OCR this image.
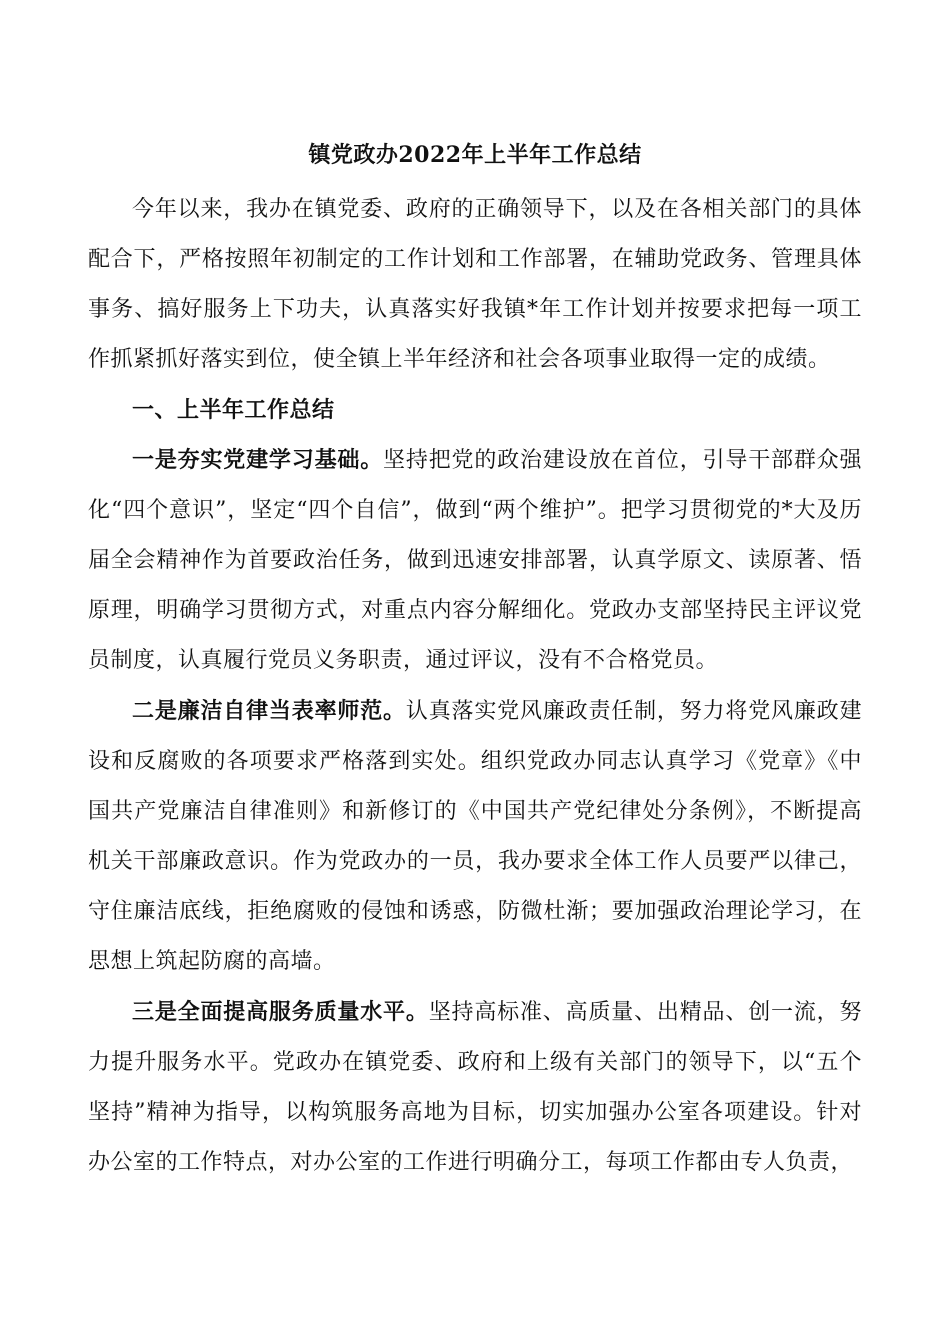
镇党政办2022年上半年工作总结

今年以来，我办在镇党委、政府的正确领导下，以及在各相关部门的具体配合下，严格按照年初制定的工作计划和工作部署，在辅助党政务、管理具体事务、搞好服务上下功夫，认真落实好我镇*年工作计划并按要求把每一项工作抓紧抓好落实到位，使全镇上半年经济和社会各项事业取得一定的成绩。

一、上半年工作总结

一是夯实党建学习基础。坚持把党的政治建设放在首位，引导干部群众强化“四个意识”，坚定“四个自信”，做到“两个维护”。把学习贯彻党的*大及历届全会精神作为首要政治任务，做到迅速安排部署，认真学原文、读原著、悟原理，明确学习贯彻方式，对重点内容分解细化。党政办支部坚持民主评议党员制度，认真履行党员义务职责，通过评议，没有不合格党员。

二是廉洁自律当表率师范。认真落实党风廉政责任制，努力将党风廉政建设和反腐败的各项要求严格落到实处。组织党政办同志认真学习《党章》《中国共产党廉洁自律准则》和新修订的《中国共产党纪律处分条例》，不断提高机关干部廉政意识。作为党政办的一员，我办要求全体工作人员要严以律己，守住廉洁底线，拒绝腐败的侵蚀和诱惑，防微杜渐；要加强政治理论学习，在思想上筑起防腐的高墙。

三是全面提高服务质量水平。坚持高标准、高质量、出精品、创一流，努力提升服务水平。党政办在镇党委、政府和上级有关部门的领导下，以“五个坚持”精神为指导，以构筑服务高地为目标，切实加强办公室各项建设。针对办公室的工作特点，对办公室的工作进行明确分工，每项工作都由专人负责，
